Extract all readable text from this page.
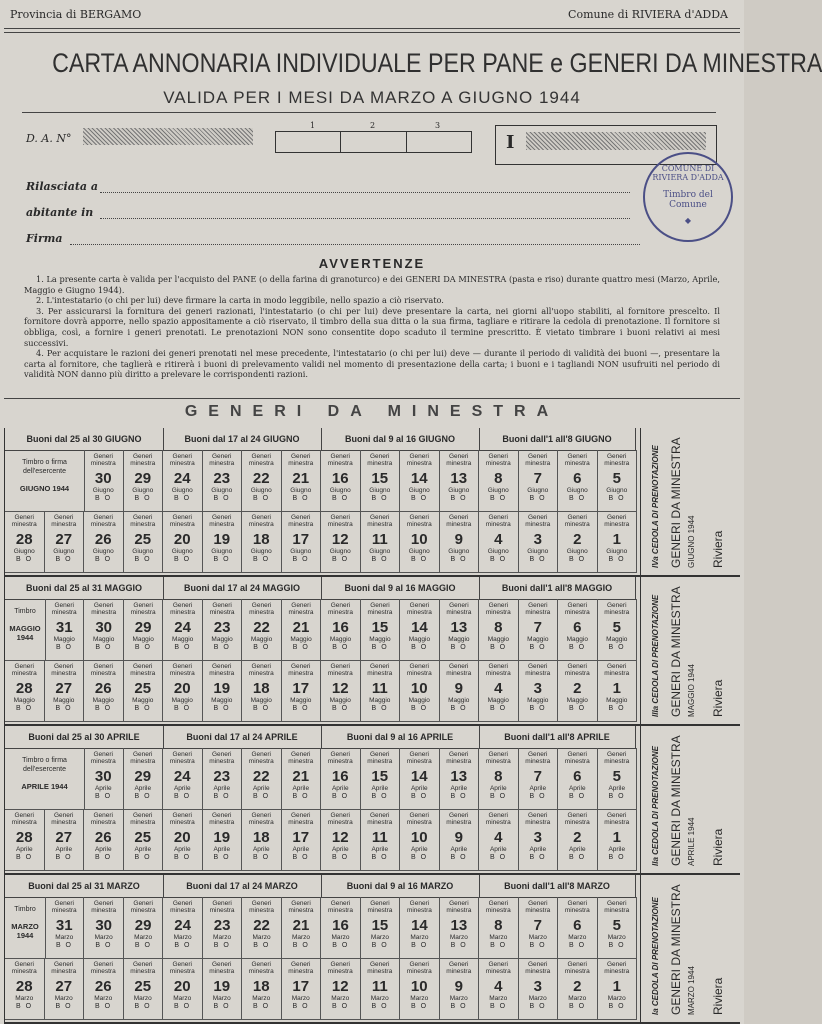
Provincia di BERGAMO	Comune di RIVIERA d'ADDA
CARTA ANNONARIA INDIVIDUALE PER PANE e GENERI DA MINESTRA
VALIDA PER I MESI DA MARZO A GIUGNO 1944
D. A. N°
1	2	3
I
Rilasciata a
abitante in
Firma
COMUNE DI RIVIERA D'ADDA
Timbro del Comune
◆
AVVERTENZE

1. La presente carta è valida per l'acquisto del PANE (o della farina di granoturco) e dei GENERI DA MINESTRA (pasta e riso) durante quattro mesi (Marzo, Aprile, Maggio e Giugno 1944).

2. L'intestatario (o chi per lui) deve firmare la carta in modo leggibile, nello spazio a ciò riservato.

3. Per assicurarsi la fornitura dei generi razionati, l'intestatario (o chi per lui) deve presentare la carta, nei giorni all'uopo stabiliti, al fornitore prescelto. Il fornitore dovrà apporre, nello spazio appositamente a ciò riservato, il timbro della sua ditta o la sua firma, tagliare e ritirare la cedola di prenotazione. Il fornitore si obbliga, così, a fornire i generi prenotati. Le prenotazioni NON sono consentite dopo scaduto il termine prescritto. È vietato timbrare i buoni relativi ai mesi successivi.

4. Per acquistare le razioni dei generi prenotati nel mese precedente, l'intestatario (o chi per lui) deve — durante il periodo di validità dei buoni —, presentare la carta al fornitore, che taglierà e ritirerà i buoni di prelevamento validi nel momento di presentazione della carta; i buoni e i tagliandi NON usufruiti nel periodo di validità NON danno più diritto a prelevare le corrispondenti razioni.

GENERI DA MINESTRA
Buoni dal 25 al 30 GIUGNO	Buoni dal 17 al 24 GIUGNO	Buoni dal 9 al 16 GIUGNO	Buoni dall'1 all'8 GIUGNO
Timbro o firma dell'esercente
GIUGNO 1944
Generi minestra
30
Giugno
B O
Generi minestra
29
Giugno
B O
Generi minestra
24
Giugno
B O
Generi minestra
23
Giugno
B O
Generi minestra
22
Giugno
B O
Generi minestra
21
Giugno
B O
Generi minestra
16
Giugno
B O
Generi minestra
15
Giugno
B O
Generi minestra
14
Giugno
B O
Generi minestra
13
Giugno
B O
Generi minestra
8
Giugno
B O
Generi minestra
7
Giugno
B O
Generi minestra
6
Giugno
B O
Generi minestra
5
Giugno
B O
Generi minestra
28
Giugno
B O
Generi minestra
27
Giugno
B O
Generi minestra
26
Giugno
B O
Generi minestra
25
Giugno
B O
Generi minestra
20
Giugno
B O
Generi minestra
19
Giugno
B O
Generi minestra
18
Giugno
B O
Generi minestra
17
Giugno
B O
Generi minestra
12
Giugno
B O
Generi minestra
11
Giugno
B O
Generi minestra
10
Giugno
B O
Generi minestra
9
Giugno
B O
Generi minestra
4
Giugno
B O
Generi minestra
3
Giugno
B O
Generi minestra
2
Giugno
B O
Generi minestra
1
Giugno
B O
Buoni dal 25 al 31 MAGGIO	Buoni dal 17 al 24 MAGGIO	Buoni dal 9 al 16 MAGGIO	Buoni dall'1 all'8 MAGGIO
Timbro
MAGGIO 1944
Generi minestra
31
Maggio
B O
Generi minestra
30
Maggio
B O
Generi minestra
29
Maggio
B O
Generi minestra
24
Maggio
B O
Generi minestra
23
Maggio
B O
Generi minestra
22
Maggio
B O
Generi minestra
21
Maggio
B O
Generi minestra
16
Maggio
B O
Generi minestra
15
Maggio
B O
Generi minestra
14
Maggio
B O
Generi minestra
13
Maggio
B O
Generi minestra
8
Maggio
B O
Generi minestra
7
Maggio
B O
Generi minestra
6
Maggio
B O
Generi minestra
5
Maggio
B O
Generi minestra
28
Maggio
B O
Generi minestra
27
Maggio
B O
Generi minestra
26
Maggio
B O
Generi minestra
25
Maggio
B O
Generi minestra
20
Maggio
B O
Generi minestra
19
Maggio
B O
Generi minestra
18
Maggio
B O
Generi minestra
17
Maggio
B O
Generi minestra
12
Maggio
B O
Generi minestra
11
Maggio
B O
Generi minestra
10
Maggio
B O
Generi minestra
9
Maggio
B O
Generi minestra
4
Maggio
B O
Generi minestra
3
Maggio
B O
Generi minestra
2
Maggio
B O
Generi minestra
1
Maggio
B O
Buoni dal 25 al 30 APRILE	Buoni dal 17 al 24 APRILE	Buoni dal 9 al 16 APRILE	Buoni dall'1 all'8 APRILE
Timbro o firma dell'esercente
APRILE 1944
Generi minestra
30
Aprile
B O
Generi minestra
29
Aprile
B O
Generi minestra
24
Aprile
B O
Generi minestra
23
Aprile
B O
Generi minestra
22
Aprile
B O
Generi minestra
21
Aprile
B O
Generi minestra
16
Aprile
B O
Generi minestra
15
Aprile
B O
Generi minestra
14
Aprile
B O
Generi minestra
13
Aprile
B O
Generi minestra
8
Aprile
B O
Generi minestra
7
Aprile
B O
Generi minestra
6
Aprile
B O
Generi minestra
5
Aprile
B O
Generi minestra
28
Aprile
B O
Generi minestra
27
Aprile
B O
Generi minestra
26
Aprile
B O
Generi minestra
25
Aprile
B O
Generi minestra
20
Aprile
B O
Generi minestra
19
Aprile
B O
Generi minestra
18
Aprile
B O
Generi minestra
17
Aprile
B O
Generi minestra
12
Aprile
B O
Generi minestra
11
Aprile
B O
Generi minestra
10
Aprile
B O
Generi minestra
9
Aprile
B O
Generi minestra
4
Aprile
B O
Generi minestra
3
Aprile
B O
Generi minestra
2
Aprile
B O
Generi minestra
1
Aprile
B O
Buoni dal 25 al 31 MARZO	Buoni dal 17 al 24 MARZO	Buoni dal 9 al 16 MARZO	Buoni dall'1 all'8 MARZO
Timbro
MARZO 1944
Generi minestra
31
Marzo
B O
Generi minestra
30
Marzo
B O
Generi minestra
29
Marzo
B O
Generi minestra
24
Marzo
B O
Generi minestra
23
Marzo
B O
Generi minestra
22
Marzo
B O
Generi minestra
21
Marzo
B O
Generi minestra
16
Marzo
B O
Generi minestra
15
Marzo
B O
Generi minestra
14
Marzo
B O
Generi minestra
13
Marzo
B O
Generi minestra
8
Marzo
B O
Generi minestra
7
Marzo
B O
Generi minestra
6
Marzo
B O
Generi minestra
5
Marzo
B O
Generi minestra
28
Marzo
B O
Generi minestra
27
Marzo
B O
Generi minestra
26
Marzo
B O
Generi minestra
25
Marzo
B O
Generi minestra
20
Marzo
B O
Generi minestra
19
Marzo
B O
Generi minestra
18
Marzo
B O
Generi minestra
17
Marzo
B O
Generi minestra
12
Marzo
B O
Generi minestra
11
Marzo
B O
Generi minestra
10
Marzo
B O
Generi minestra
9
Marzo
B O
Generi minestra
4
Marzo
B O
Generi minestra
3
Marzo
B O
Generi minestra
2
Marzo
B O
Generi minestra
1
Marzo
B O
IVa CEDOLA DI PRENOTAZIONE GENERI DA MINESTRA GIUGNO 1944 Riviera
IIIa CEDOLA DI PRENOTAZIONE GENERI DA MINESTRA MAGGIO 1944 Riviera
IIa CEDOLA DI PRENOTAZIONE GENERI DA MINESTRA APRILE 1944 Riviera
Ia CEDOLA DI PRENOTAZIONE GENERI DA MINESTRA MARZO 1944 Riviera
